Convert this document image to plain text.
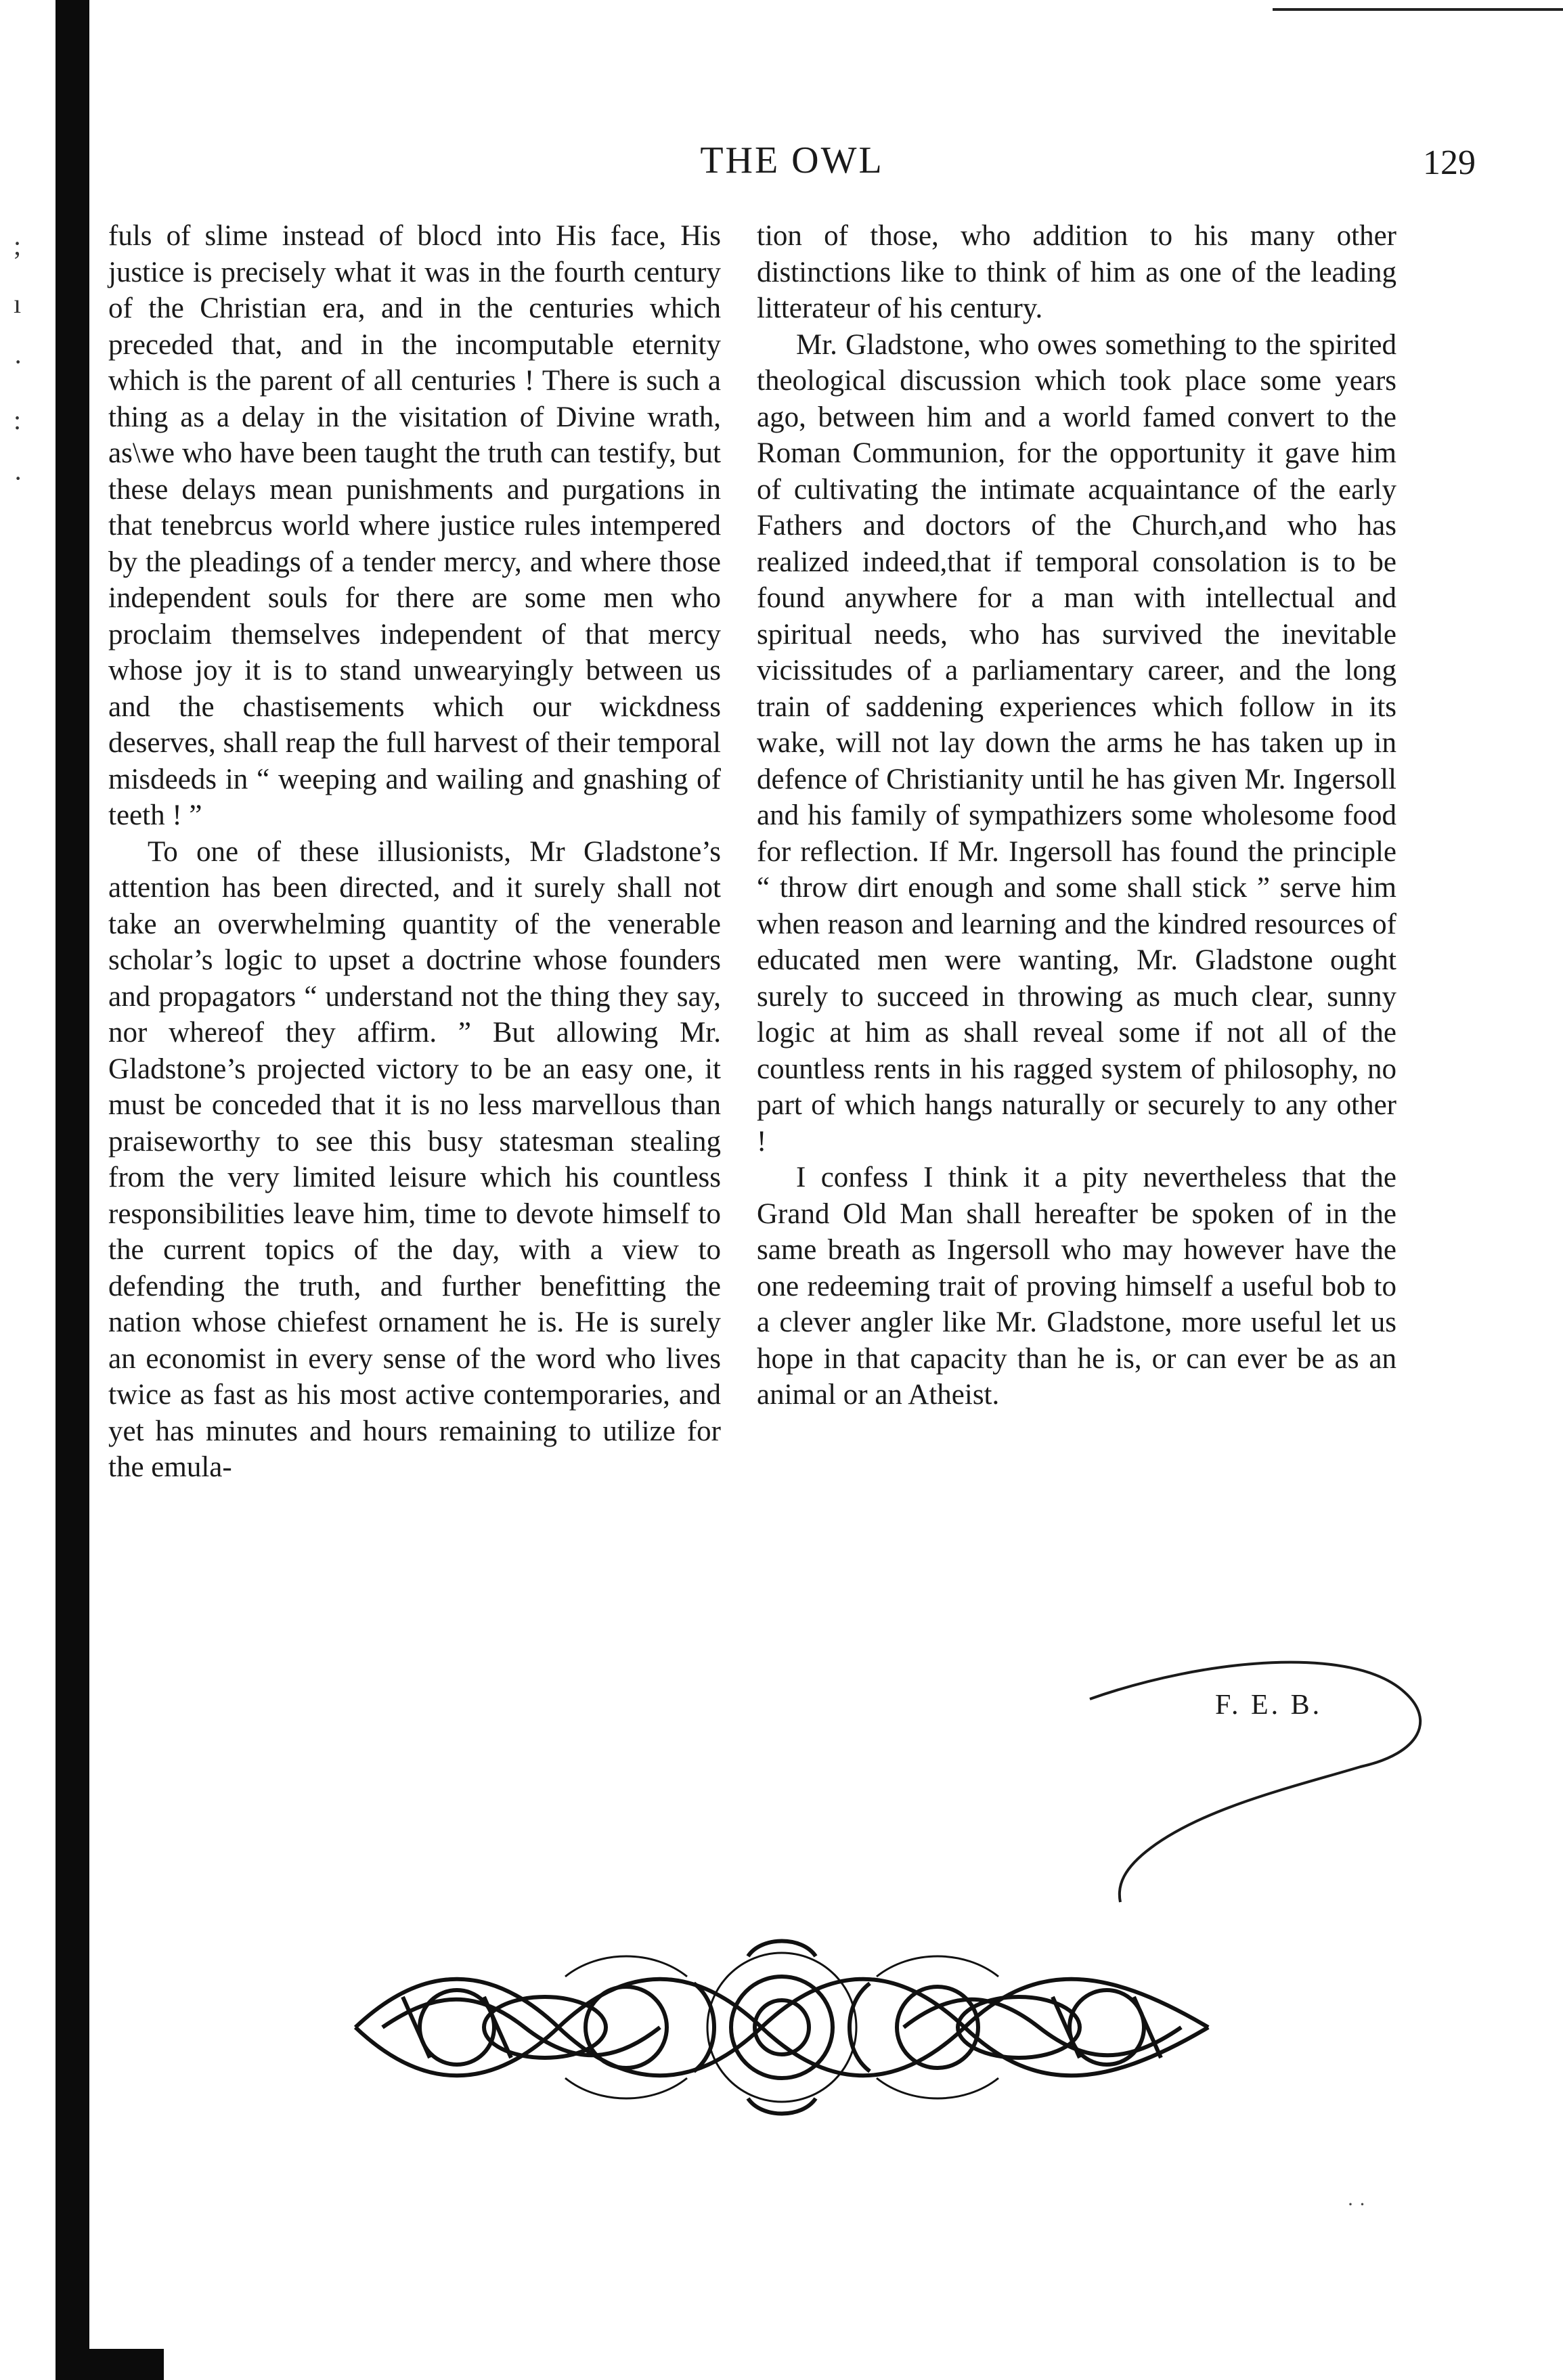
;
ı
·
:
·
THE OWL	129

fuls of slime instead of blocd into His face, His justice is precisely what it was in the fourth century of the Christian era, and in the centuries which preceded that, and in the incomputable eternity which is the parent of all centuries ! There is such a thing as a delay in the visitation of Divine wrath, as\we who have been taught the truth can testify, but these delays mean punishments and purgations in that tenebrcus world where justice rules intempered by the pleadings of a tender mercy, and where those independent souls for there are some men who proclaim themselves independent of that mercy whose joy it is to stand unwearyingly between us and the chastisements which our wickdness deserves, shall reap the full harvest of their temporal misdeeds in “ weeping and wailing and gnashing of teeth ! ”

To one of these illusionists, Mr Gladstone’s attention has been directed, and it surely shall not take an overwhelming quantity of the venerable scholar’s logic to upset a doctrine whose founders and propagators “ understand not the thing they say, nor whereof they affirm. ” But allowing Mr. Gladstone’s projected victory to be an easy one, it must be conceded that it is no less marvellous than praiseworthy to see this busy statesman stealing from the very limited leisure which his countless responsibilities leave him, time to devote himself to the current topics of the day, with a view to defending the truth, and further benefitting the nation whose chiefest ornament he is. He is surely an economist in every sense of the word who lives twice as fast as his most active contemporaries, and yet has minutes and hours remaining to utilize for the emula-

tion of those, who addition to his many other distinctions like to think of him as one of the leading litterateur of his century.

Mr. Gladstone, who owes something to the spirited theological discussion which took place some years ago, between him and a world famed convert to the Roman Communion, for the opportunity it gave him of cultivating the intimate acquaintance of the early Fathers and doctors of the Church,and who has realized indeed,that if temporal consolation is to be found anywhere for a man with intellectual and spiritual needs, who has survived the inevitable vicissitudes of a parliamentary career, and the long train of saddening experiences which follow in its wake, will not lay down the arms he has taken up in defence of Christianity until he has given Mr. Ingersoll and his family of sympathizers some wholesome food for reflection. If Mr. Ingersoll has found the principle “ throw dirt enough and some shall stick ” serve him when reason and learning and the kindred resources of educated men were wanting, Mr. Gladstone ought surely to succeed in throwing as much clear, sunny logic at him as shall reveal some if not all of the countless rents in his ragged system of philosophy, no part of which hangs naturally or securely to any other !

I confess I think it a pity nevertheless that the Grand Old Man shall hereafter be spoken of in the same breath as Ingersoll who may however have the one redeeming trait of proving himself a useful bob to a clever angler like Mr. Gladstone, more useful let us hope in that capacity than he is, or can ever be as an animal or an Atheist.

F. E. B.
· ·
